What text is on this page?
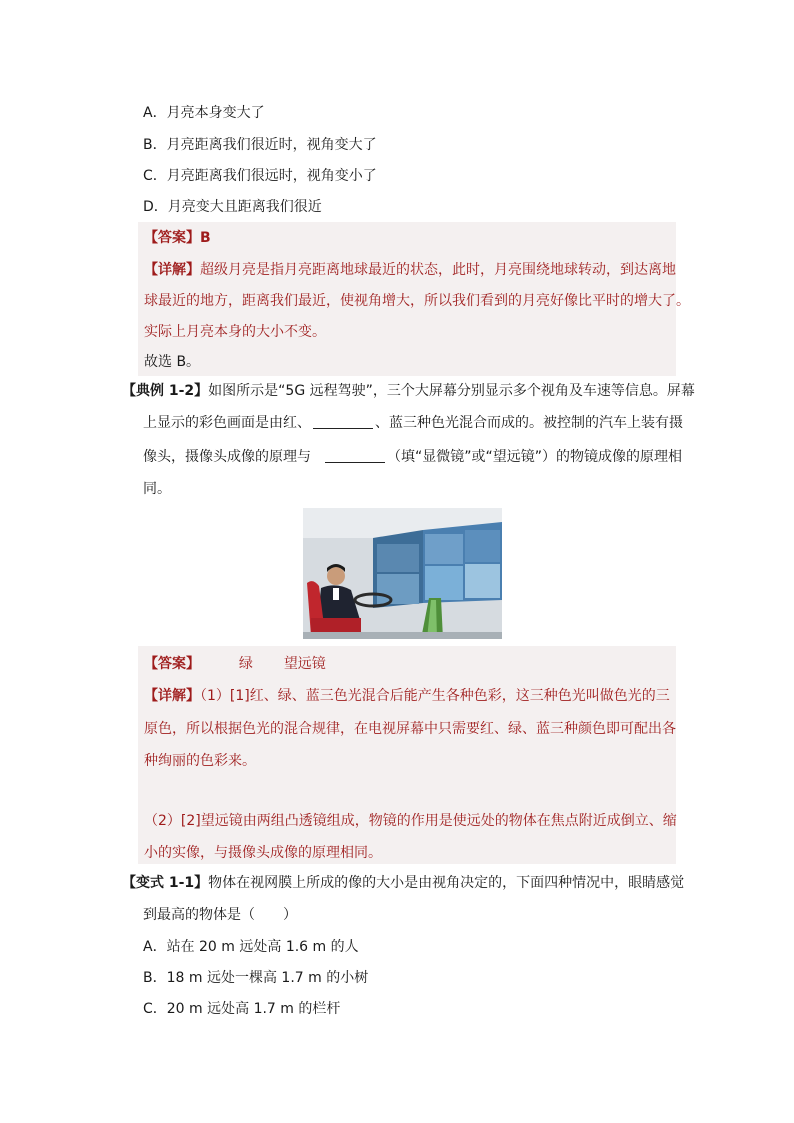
A．月亮本身变大了
B．月亮距离我们很近时，视角变大了
C．月亮距离我们很远时，视角变小了
D．月亮变大且距离我们很近
【答案】B
【详解】超级月亮是指月亮距离地球最近的状态，此时，月亮围绕地球转动，到达离地
球最近的地方，距离我们最近，使视角增大，所以我们看到的月亮好像比平时的增大了。
实际上月亮本身的大小不变。
故选 B。
【典例 1-2】如图所示是“5G 远程驾驶”，三个大屏幕分别显示多个视角及车速等信息。屏幕
上显示的彩色画面是由红、	、蓝三种色光混合而成的。被控制的汽车上装有摄
像头，摄像头成像的原理与	（填“显微镜”或“望远镜”）的物镜成像的原理相
同。
【答案】	绿 望远镜
【详解】（1）[1]红、绿、蓝三色光混合后能产生各种色彩，这三种色光叫做色光的三
原色，所以根据色光的混合规律，在电视屏幕中只需要红、绿、蓝三种颜色即可配出各
种绚丽的色彩来。
（2）[2]望远镜由两组凸透镜组成，物镜的作用是使远处的物体在焦点附近成倒立、缩
小的实像，与摄像头成像的原理相同。
【变式 1-1】物体在视网膜上所成的像的大小是由视角决定的，下面四种情况中，眼睛感觉
到最高的物体是（　　）
A．站在 20 m 远处高 1.6 m 的人
B．18 m 远处一棵高 1.7 m 的小树
C．20 m 远处高 1.7 m 的栏杆
